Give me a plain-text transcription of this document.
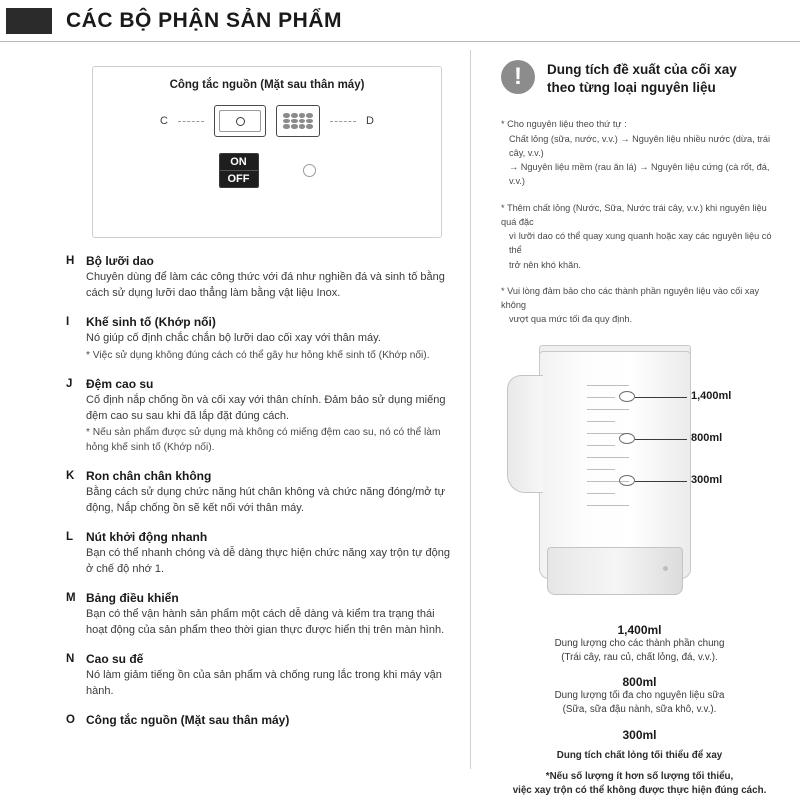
CÁC BỘ PHẬN SẢN PHẨM
Công tắc nguồn (Mặt sau thân máy)
C	D
ON
OFF
H Bộ lưỡi dao
Chuyên dùng để làm các công thức với đá như nghiền đá và sinh tố bằng cách sử dụng lưỡi dao thẳng làm bằng vật liệu Inox.
I	Khế sinh tố (Khớp nối)
Nó giúp cố định chắc chắn bộ lưỡi dao cối xay với thân máy.
* Việc sử dụng không đúng cách có thể gây hư hỏng khế sinh tố (Khớp nối).
J	Đệm cao su
Cố định nắp chống ồn và cối xay với thân chính. Đảm bảo sử dụng miếng đệm cao su sau khi đã lắp đặt đúng cách.
* Nếu sản phẩm được sử dụng mà không có miếng đệm cao su, nó có thể làm hỏng khế sinh tố (Khớp nối).
K Ron chân chân không
Bằng cách sử dụng chức năng hút chân không và chức năng đóng/mở tự động, Nắp chống ồn sẽ kết nối với thân máy.
L	Nút khởi động nhanh
Bạn có thể nhanh chóng và dễ dàng thực hiện chức năng xay trộn tự động ở chế độ nhớ 1.
M Bảng điều khiển
Bạn có thể vận hành sản phẩm một cách dễ dàng và kiểm tra trạng thái hoạt động của sản phẩm theo thời gian thực được hiển thị trên màn hình.
N Cao su đế
Nó làm giảm tiếng ồn của sản phẩm và chống rung lắc trong khi máy vận hành.
O Công tắc nguồn (Mặt sau thân máy)
!	Dung tích đề xuất của cối xay
theo từng loại nguyên liệu
* Cho nguyên liệu theo thứ tự :
Chất lỏng (sữa, nước, v.v.) → Nguyên liệu nhiều nước (dừa, trái cây, v.v.)
→ Nguyên liệu mềm (rau ăn lá) → Nguyên liệu cứng (cà rốt, đá, v.v.)
* Thêm chất lỏng (Nước, Sữa, Nước trái cây, v.v.) khi nguyên liệu quá đặc
vì lưỡi dao có thể quay xung quanh hoặc xay các nguyên liệu có thể
trở nên khó khăn.
* Vui lòng đảm bảo cho các thành phần nguyên liệu vào cối xay không
vượt qua mức tối đa quy định.
1,400ml
800ml
300ml
1,400ml
Dung lượng cho các thành phần chung
(Trái cây, rau củ, chất lỏng, đá, v.v.).
800ml
Dung lượng tối đa cho nguyên liệu sữa
(Sữa, sữa đậu nành, sữa khô, v.v.).
300ml
Dung tích chất lỏng tối thiểu để xay
*Nếu số lượng ít hơn số lượng tối thiểu,
việc xay trộn có thể không được thực hiện đúng cách.
